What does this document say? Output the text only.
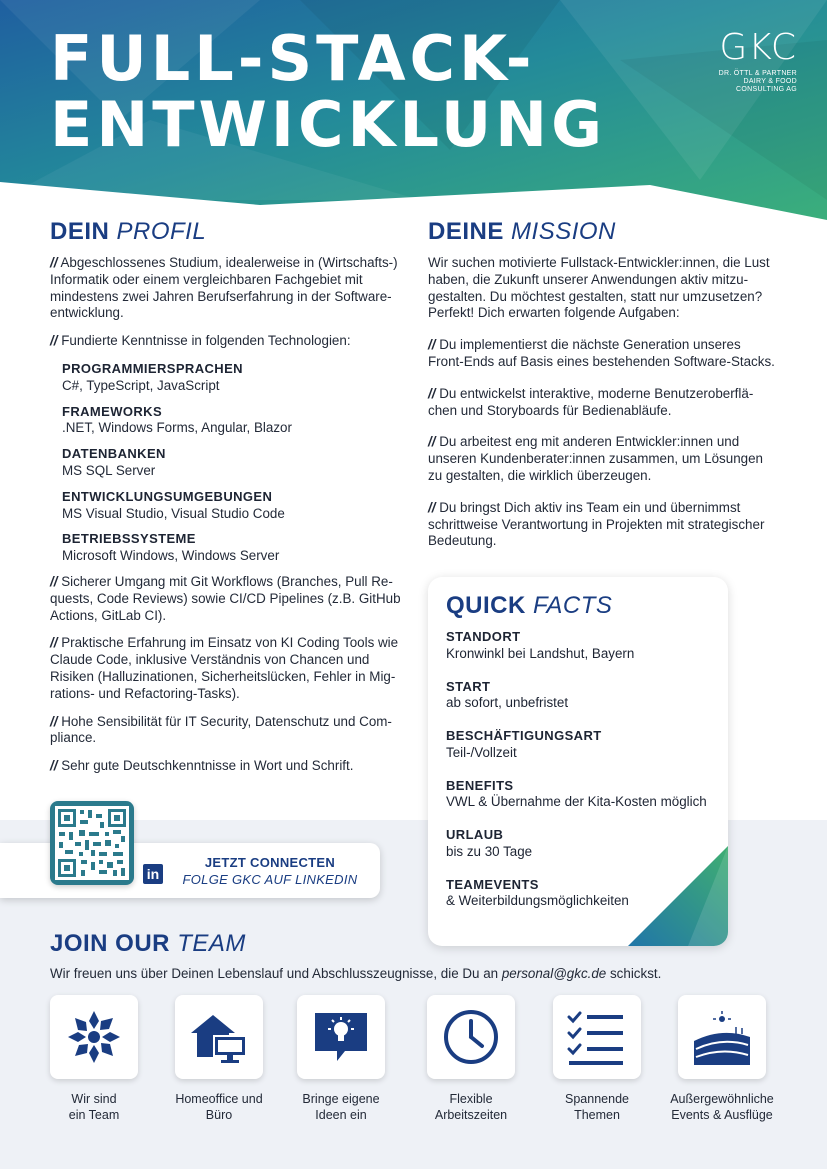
FULL-STACK-
ENTWICKLUNG
GKC
DR. ÖTTL & PARTNER
DAIRY & FOOD
CONSULTING AG
DEIN PROFIL
// Abgeschlossenes Studium, idealerweise in (Wirtschafts-) Informatik oder einem vergleichbaren Fachgebiet mit mindestens zwei Jahren Berufserfahrung in der Software-entwicklung.
// Fundierte Kenntnisse in folgenden Technologien:
PROGRAMMIERSPRACHEN
C#, TypeScript, JavaScript
FRAMEWORKS
.NET, Windows Forms, Angular, Blazor
DATENBANKEN
MS SQL Server
ENTWICKLUNGSUMGEBUNGEN
MS Visual Studio, Visual Studio Code
BETRIEBSSYSTEME
Microsoft Windows, Windows Server
// Sicherer Umgang mit Git Workflows (Branches, Pull Re-quests, Code Reviews) sowie CI/CD Pipelines (z.B. GitHub Actions, GitLab CI).
// Praktische Erfahrung im Einsatz von KI Coding Tools wie Claude Code, inklusive Verständnis von Chancen und Risiken (Halluzinationen, Sicherheitslücken, Fehler in Mig-rations- und Refactoring-Tasks).
// Hohe Sensibilität für IT Security, Datenschutz und Com-pliance.
// Sehr gute Deutschkenntnisse in Wort und Schrift.
DEINE MISSION
Wir suchen motivierte Fullstack-Entwickler:innen, die Lust haben, die Zukunft unserer Anwendungen aktiv mitzu-gestalten. Du möchtest gestalten, statt nur umzusetzen? Perfekt! Dich erwarten folgende Aufgaben:
// Du implementierst die nächste Generation unseres Front-Ends auf Basis eines bestehenden Software-Stacks.
// Du entwickelst interaktive, moderne Benutzeroberflä-chen und Storyboards für Bedienabläufe.
// Du arbeitest eng mit anderen Entwickler:innen und unseren Kundenberater:innen zusammen, um Lösungen zu gestalten, die wirklich überzeugen.
// Du bringst Dich aktiv ins Team ein und übernimmst schrittweise Verantwortung in Projekten mit strategischer Bedeutung.
QUICK FACTS
STANDORT
Kronwinkl bei Landshut, Bayern
START
ab sofort, unbefristet
BESCHÄFTIGUNGSART
Teil-/Vollzeit
BENEFITS
VWL & Übernahme der Kita-Kosten möglich
URLAUB
bis zu 30 Tage
TEAMEVENTS
& Weiterbildungsmöglichkeiten
in
JETZT CONNECTEN
FOLGE GKC AUF LINKEDIN
JOIN OUR TEAM
Wir freuen uns über Deinen Lebenslauf und Abschlusszeugnisse, die Du an personal@gkc.de schickst.
Wir sind
ein Team
Homeoffice und
Büro
Bringe eigene
Ideen ein
Flexible
Arbeitszeiten
Spannende
Themen
Außergewöhnliche
Events & Ausflüge
